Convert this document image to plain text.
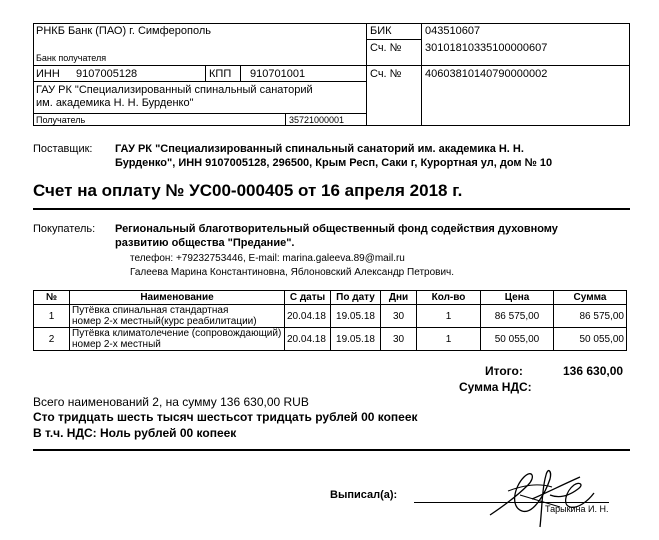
РНКБ Банк (ПАО) г. Симферополь
Банк получателя
БИК	043510607
Сч. № 30101810335100000607
ИНН 9107005128	КПП 910701001	Сч. № 40603810140790000002
ГАУ РК "Специализированный спинальный санаторий
им. академика Н. Н. Бурденко"
Получатель	35721000001
Поставщик: ГАУ РК "Специализированный спинальный санаторий им. академика Н. Н.
Бурденко", ИНН 9107005128, 296500, Крым Респ, Саки г, Курортная ул, дом № 10
Счет на оплату № УС00-000405 от 16 апреля 2018 г.
Покупатель: Региональный благотворительный общественный фонд содействия духовному
развитию общества "Предание".
телефон: +79232753446, E-mail: marina.galeeva.89@mail.ru
Галеева Марина Константиновна, Яблоновский Александр Петрович.
№	Наименование	С даты	По дату	Дни	Кол-во	Цена	Сумма
1	Путёвка спинальная стандартная
номер 2-х местный(курс реабилитации)	20.04.18	19.05.18	30	1	86 575,00	86 575,00
2	Путёвка климатолечение (сопровождающий)
номер 2-х местный	20.04.18	19.05.18	30	1	50 055,00	50 055,00
Итого:	136 630,00
Сумма НДС:
Всего наименований 2, на сумму 136 630,00 RUB
Сто тридцать шесть тысяч шестьсот тридцать рублей 00 копеек
В т.ч. НДС: Ноль рублей 00 копеек
Выписал(а):
Тарыкина И. Н.
